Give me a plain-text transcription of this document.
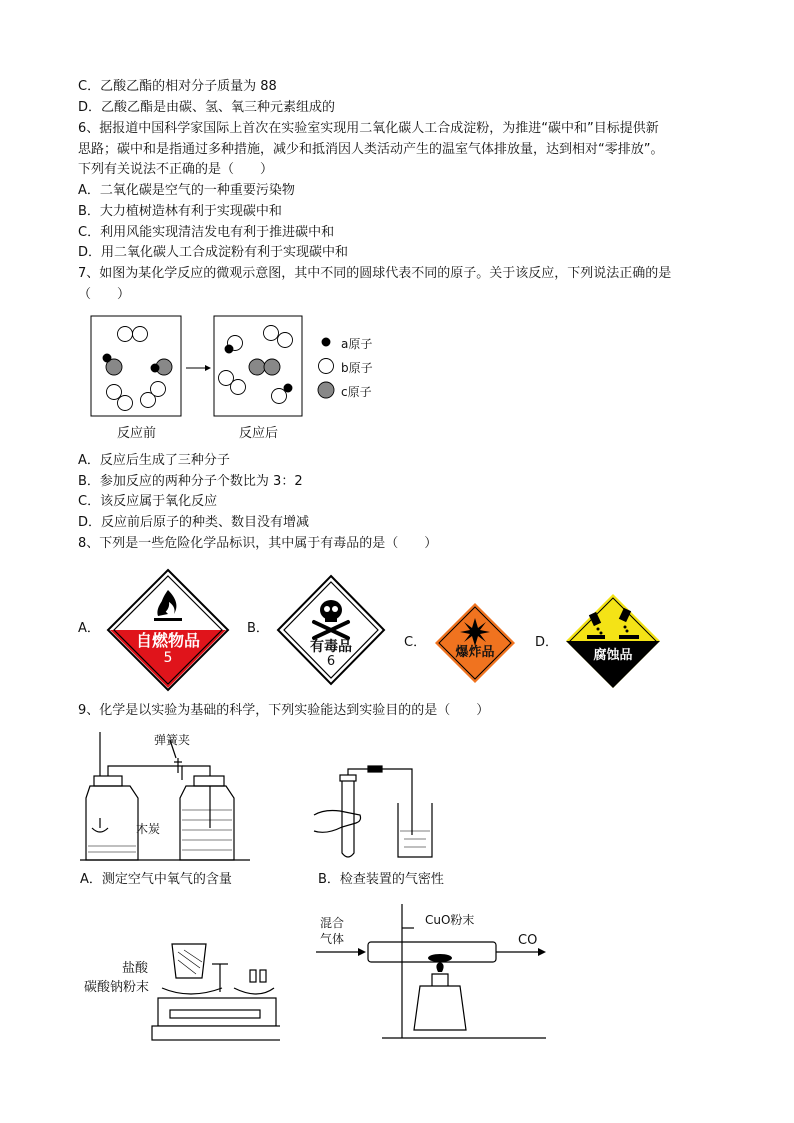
C．乙酸乙酯的相对分子质量为 88
D．乙酸乙酯是由碳、氢、氧三种元素组成的
6、据报道中国科学家国际上首次在实验室实现用二氧化碳人工合成淀粉，为推进“碳中和”目标提供新
思路；碳中和是指通过多种措施，减少和抵消因人类活动产生的温室气体排放量，达到相对“零排放”。
下列有关说法不正确的是（　　）
A．二氧化碳是空气的一种重要污染物
B．大力植树造林有利于实现碳中和
C．利用风能实现清洁发电有利于推进碳中和
D．用二氧化碳人工合成淀粉有利于实现碳中和
7、如图为某化学反应的微观示意图，其中不同的圆球代表不同的原子。关于该反应，下列说法正确的是
（　　）
a原子
b原子
c原子
反应前	反应后
A．反应后生成了三种分子
B．参加反应的两种分子个数比为 3：2
C．该反应属于氧化反应
D．反应前后原子的种类、数目没有增减
8、下列是一些危险化学品标识，其中属于有毒品的是（　　）
A．	B．
C．	D．
自燃物品
5
有毒品
6
爆炸品	腐蚀品
9、化学是以实验为基础的科学，下列实验能达到实验目的的是（　　）
弹簧夹
木炭
A．测定空气中氧气的含量	B．检查装置的气密性
盐酸
碳酸钠粉末
混合
气体
CuO粉末
CO
